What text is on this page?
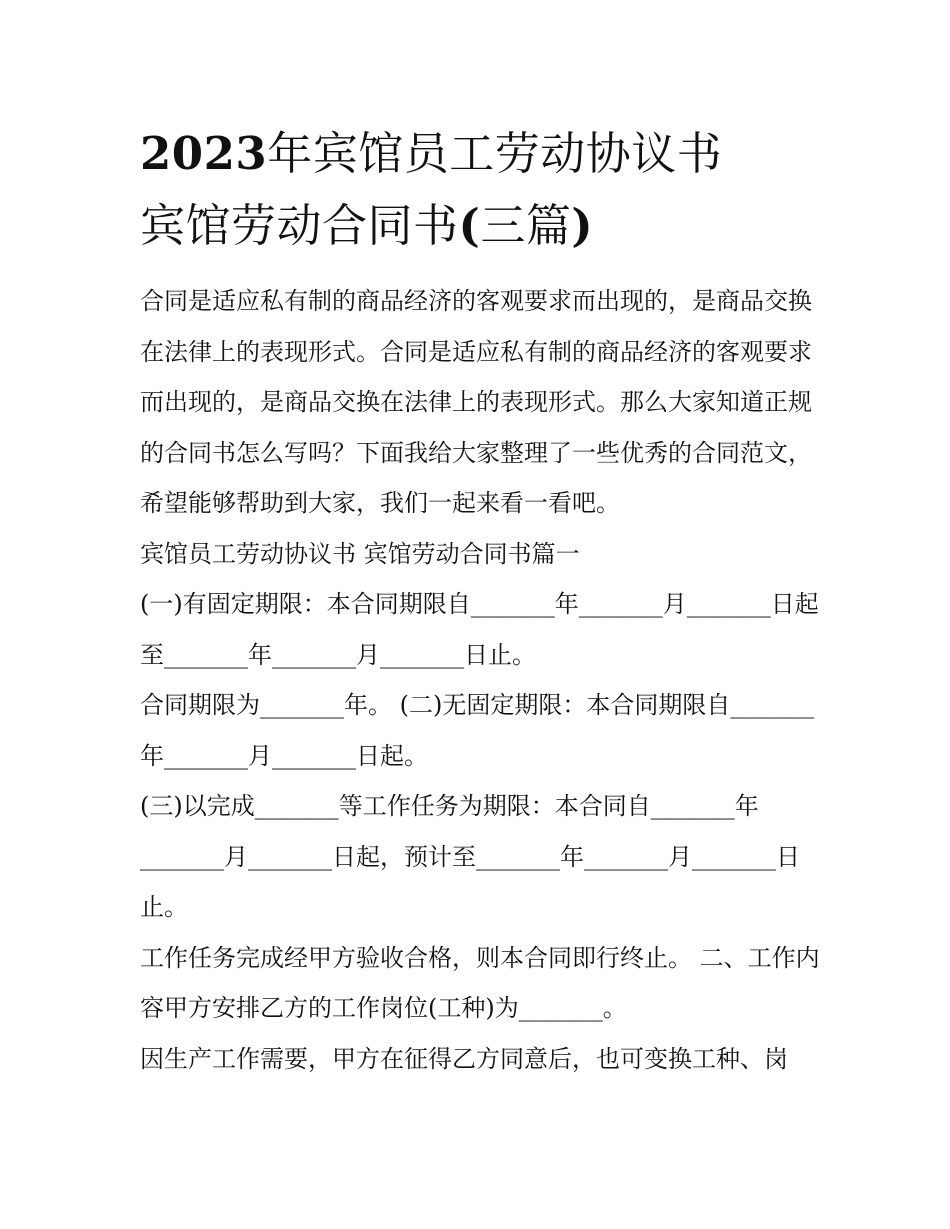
2023年宾馆员工劳动协议书
宾馆劳动合同书(三篇)

合同是适应私有制的商品经济的客观要求而出现的，是商品交换在法律上的表现形式。合同是适应私有制的商品经济的客观要求而出现的，是商品交换在法律上的表现形式。那么大家知道正规的合同书怎么写吗？下面我给大家整理了一些优秀的合同范文，希望能够帮助到大家，我们一起来看一看吧。

宾馆员工劳动协议书 宾馆劳动合同书篇一

(一)有固定期限：本合同期限自_______年_______月_______日起至_______年_______月_______日止。

合同期限为_______年。 (二)无固定期限：本合同期限自_______年_______月_______日起。

(三)以完成_______等工作任务为期限：本合同自_______年_______月_______日起，预计至_______年_______月_______日止。

工作任务完成经甲方验收合格，则本合同即行终止。 二、工作内容甲方安排乙方的工作岗位(工种)为_______。

因生产工作需要，甲方在征得乙方同意后，也可变换工种、岗
